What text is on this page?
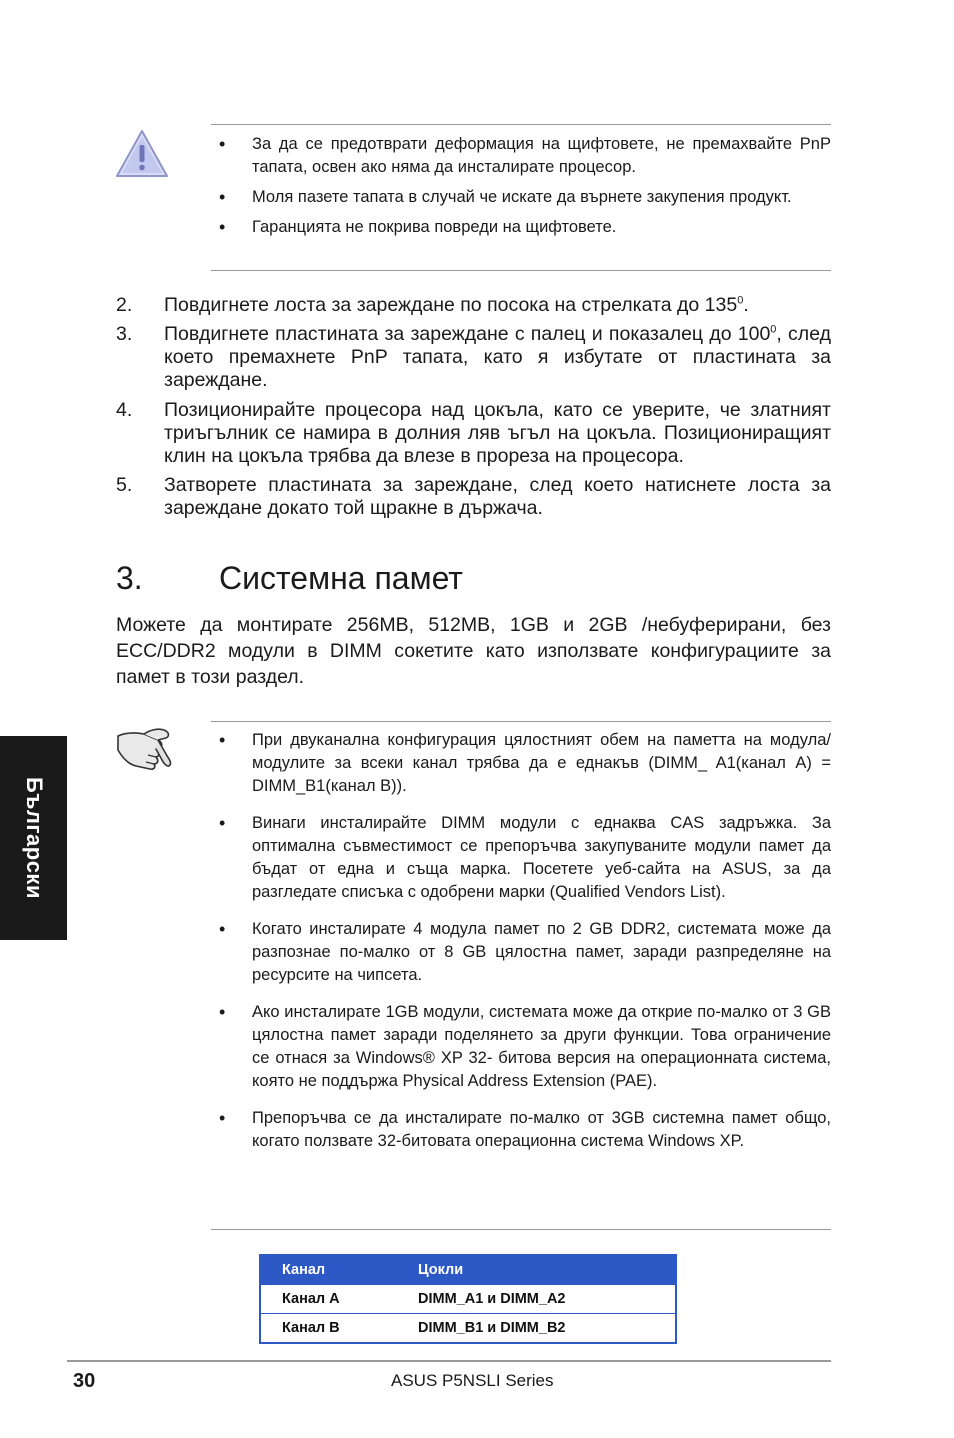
Български
• За да се предотврати деформация на щифтовете, не премахвайте PnP тапата, освен ако няма да инсталирате процесор.
• Моля пазете тапата в случай че искате да върнете закупения продукт.
• Гаранцията не покрива повреди на щифтовете.
2. Повдигнете лоста за зареждане по посока на стрелката до $135^0$.
3. Повдигнете пластината за зареждане с палец и показалец до $100^0$, след което премахнете PnP тапата, като я избутате от пластината за зареждане.
4. Позиционирайте процесора над цокъла, като се уверите, че златният триъгълник се намира в долния ляв ъгъл на цокъла. Позициониращият клин на цокъла трябва да влезе в прореза на процесора.
5. Затворете пластината за зареждане, след което натиснете лоста за зареждане докато той щракне в държача.
3. Системна памет
Можете да монтирате 256MB, 512MB, 1GB и 2GB /небуферирани, без ECC/DDR2 модули в DIMM сокетите като използвате конфигурациите за памет в този раздел.
• При двуканална конфигурация цялостният обем на паметта на модула/модулите за всеки канал трябва да е еднакъв (DIMM_ A1(канал A) = DIMM_B1(канал B)).
• Винаги инсталирайте DIMM модули с еднаква CAS задръжка. За оптимална съвместимост се препоръчва закупуваните модули памет да бъдат от една и съща марка. Посетете уеб-сайта на ASUS, за да разгледате списъка с одобрени марки (Qualified Vendors List).
• Когато инсталирате 4 модула памет по 2 GB DDR2, системата може да разпознае по-малко от 8 GB цялостна памет, заради разпределяне на ресурсите на чипсета.
• Ако инсталирате 1GB модули, системата може да открие по-малко от 3 GB цялостна памет заради поделянето за други функции. Това ограничение се отнася за Windows® XP 32- битова версия на операционната система, която не поддържа Physical Address Extension (PAE).
• Препоръчва се да инсталирате по-малко от 3GB системна памет общо, когато ползвате 32-битовата операционна система Windows XP.
Канал	Цокли
Канал A	DIMM_A1 и DIMM_A2
Канал B	DIMM_B1 и DIMM_B2
30	ASUS P5NSLI Series
